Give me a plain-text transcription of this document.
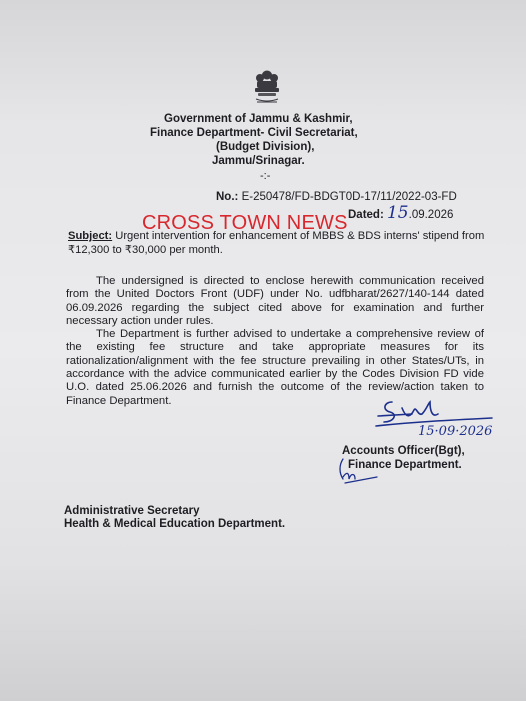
Government of Jammu & Kashmir,
Finance Department- Civil Secretariat,
(Budget Division),
Jammu/Srinagar.
-:-
No.: E-250478/FD-BDGT0D-17/11/2022-03-FD
Dated: 15.09.2026
CROSS TOWN NEWS
Subject: Urgent intervention for enhancement of MBBS & BDS interns' stipend from ₹12,300 to ₹30,000 per month.

The undersigned is directed to enclose herewith communication received from the United Doctors Front (UDF) under No. udfbharat/2627/140-144 dated 06.09.2026 regarding the subject cited above for examination and further necessary action under rules.

The Department is further advised to undertake a comprehensive review of the existing fee structure and take appropriate measures for its rationalization/alignment with the fee structure prevailing in other States/UTs, in accordance with the advice communicated earlier by the Codes Division FD vide U.O. dated 25.06.2026 and furnish the outcome of the review/action taken to Finance Department.

15·09·2026
Accounts Officer(Bgt),
Finance Department.
Administrative Secretary
Health & Medical Education Department.
